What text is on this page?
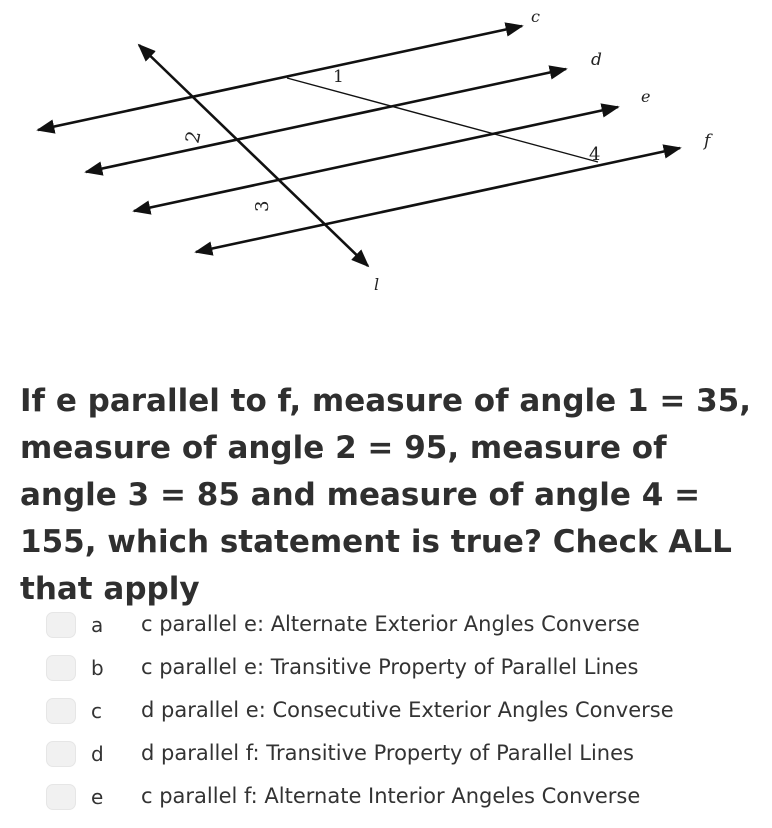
c
d
e
f
l
1
2
3
4

If e parallel to f, measure of angle 1 = 35, measure of angle 2 = 95, measure of angle 3 = 85 and measure of angle 4 = 155, which statement is true? Check ALL that apply

a	c parallel e: Alternate Exterior Angles Converse
b	c parallel e: Transitive Property of Parallel Lines
c	d parallel e: Consecutive Exterior Angles Converse
d	d parallel f: Transitive Property of Parallel Lines
e	c parallel f: Alternate Interior Angeles Converse
